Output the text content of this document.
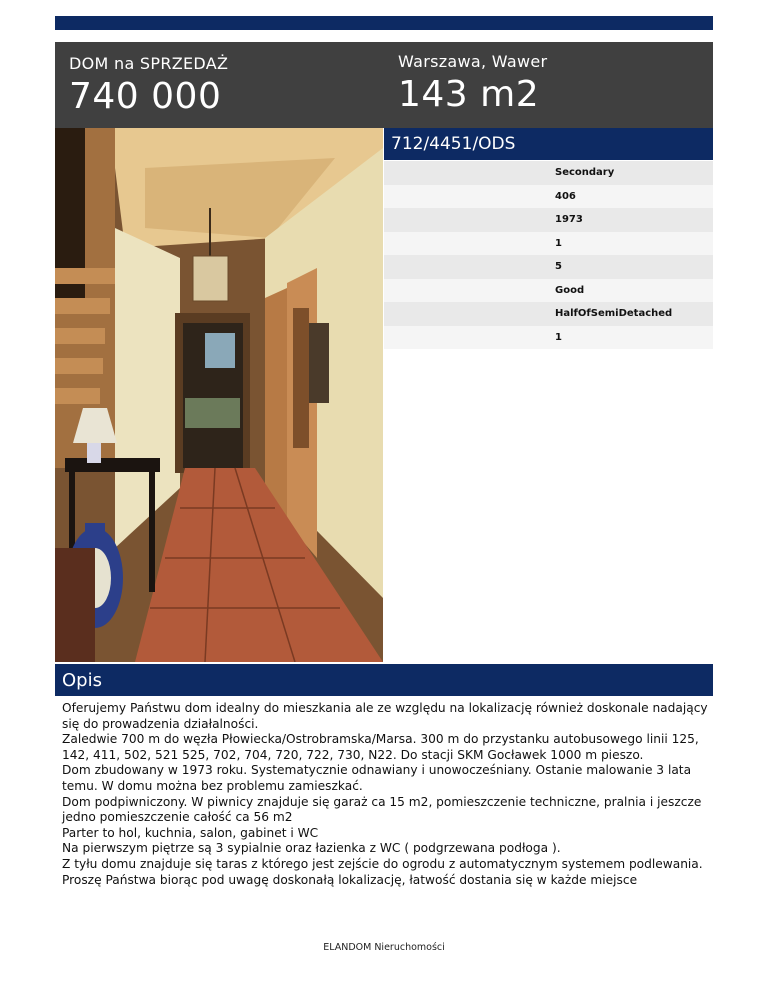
DOM na SPRZEDAŻ
740 000
Warszawa, Wawer
143 m2
712/4451/ODS
Secondary
406
1973
1
5
Good
HalfOfSemiDetached
1
Opis
Oferujemy Państwu dom idealny do mieszkania ale ze względu na lokalizację również doskonale nadający się do prowadzenia działalności.
Zaledwie 700 m do węzła Płowiecka/Ostrobramska/Marsa. 300 m do przystanku autobusowego linii 125, 142, 411, 502, 521 525, 702, 704, 720, 722, 730, N22. Do stacji SKM Gocławek 1000 m pieszo.
Dom zbudowany w 1973 roku. Systematycznie odnawiany i unowocześniany. Ostanie malowanie 3 lata temu. W domu można bez problemu zamieszkać.
Dom podpiwniczony. W piwnicy znajduje się garaż ca 15 m2, pomieszczenie techniczne, pralnia i jeszcze jedno pomieszczenie całość ca 56 m2
Parter to hol, kuchnia, salon, gabinet i WC
Na pierwszym piętrze są 3 sypialnie oraz łazienka z WC ( podgrzewana podłoga ).
Z tyłu domu znajduje się taras z którego jest zejście do ogrodu z automatycznym systemem podlewania.
Proszę Państwa biorąc pod uwagę doskonałą lokalizację, łatwość dostania się w każde miejsce
ELANDOM Nieruchomości
